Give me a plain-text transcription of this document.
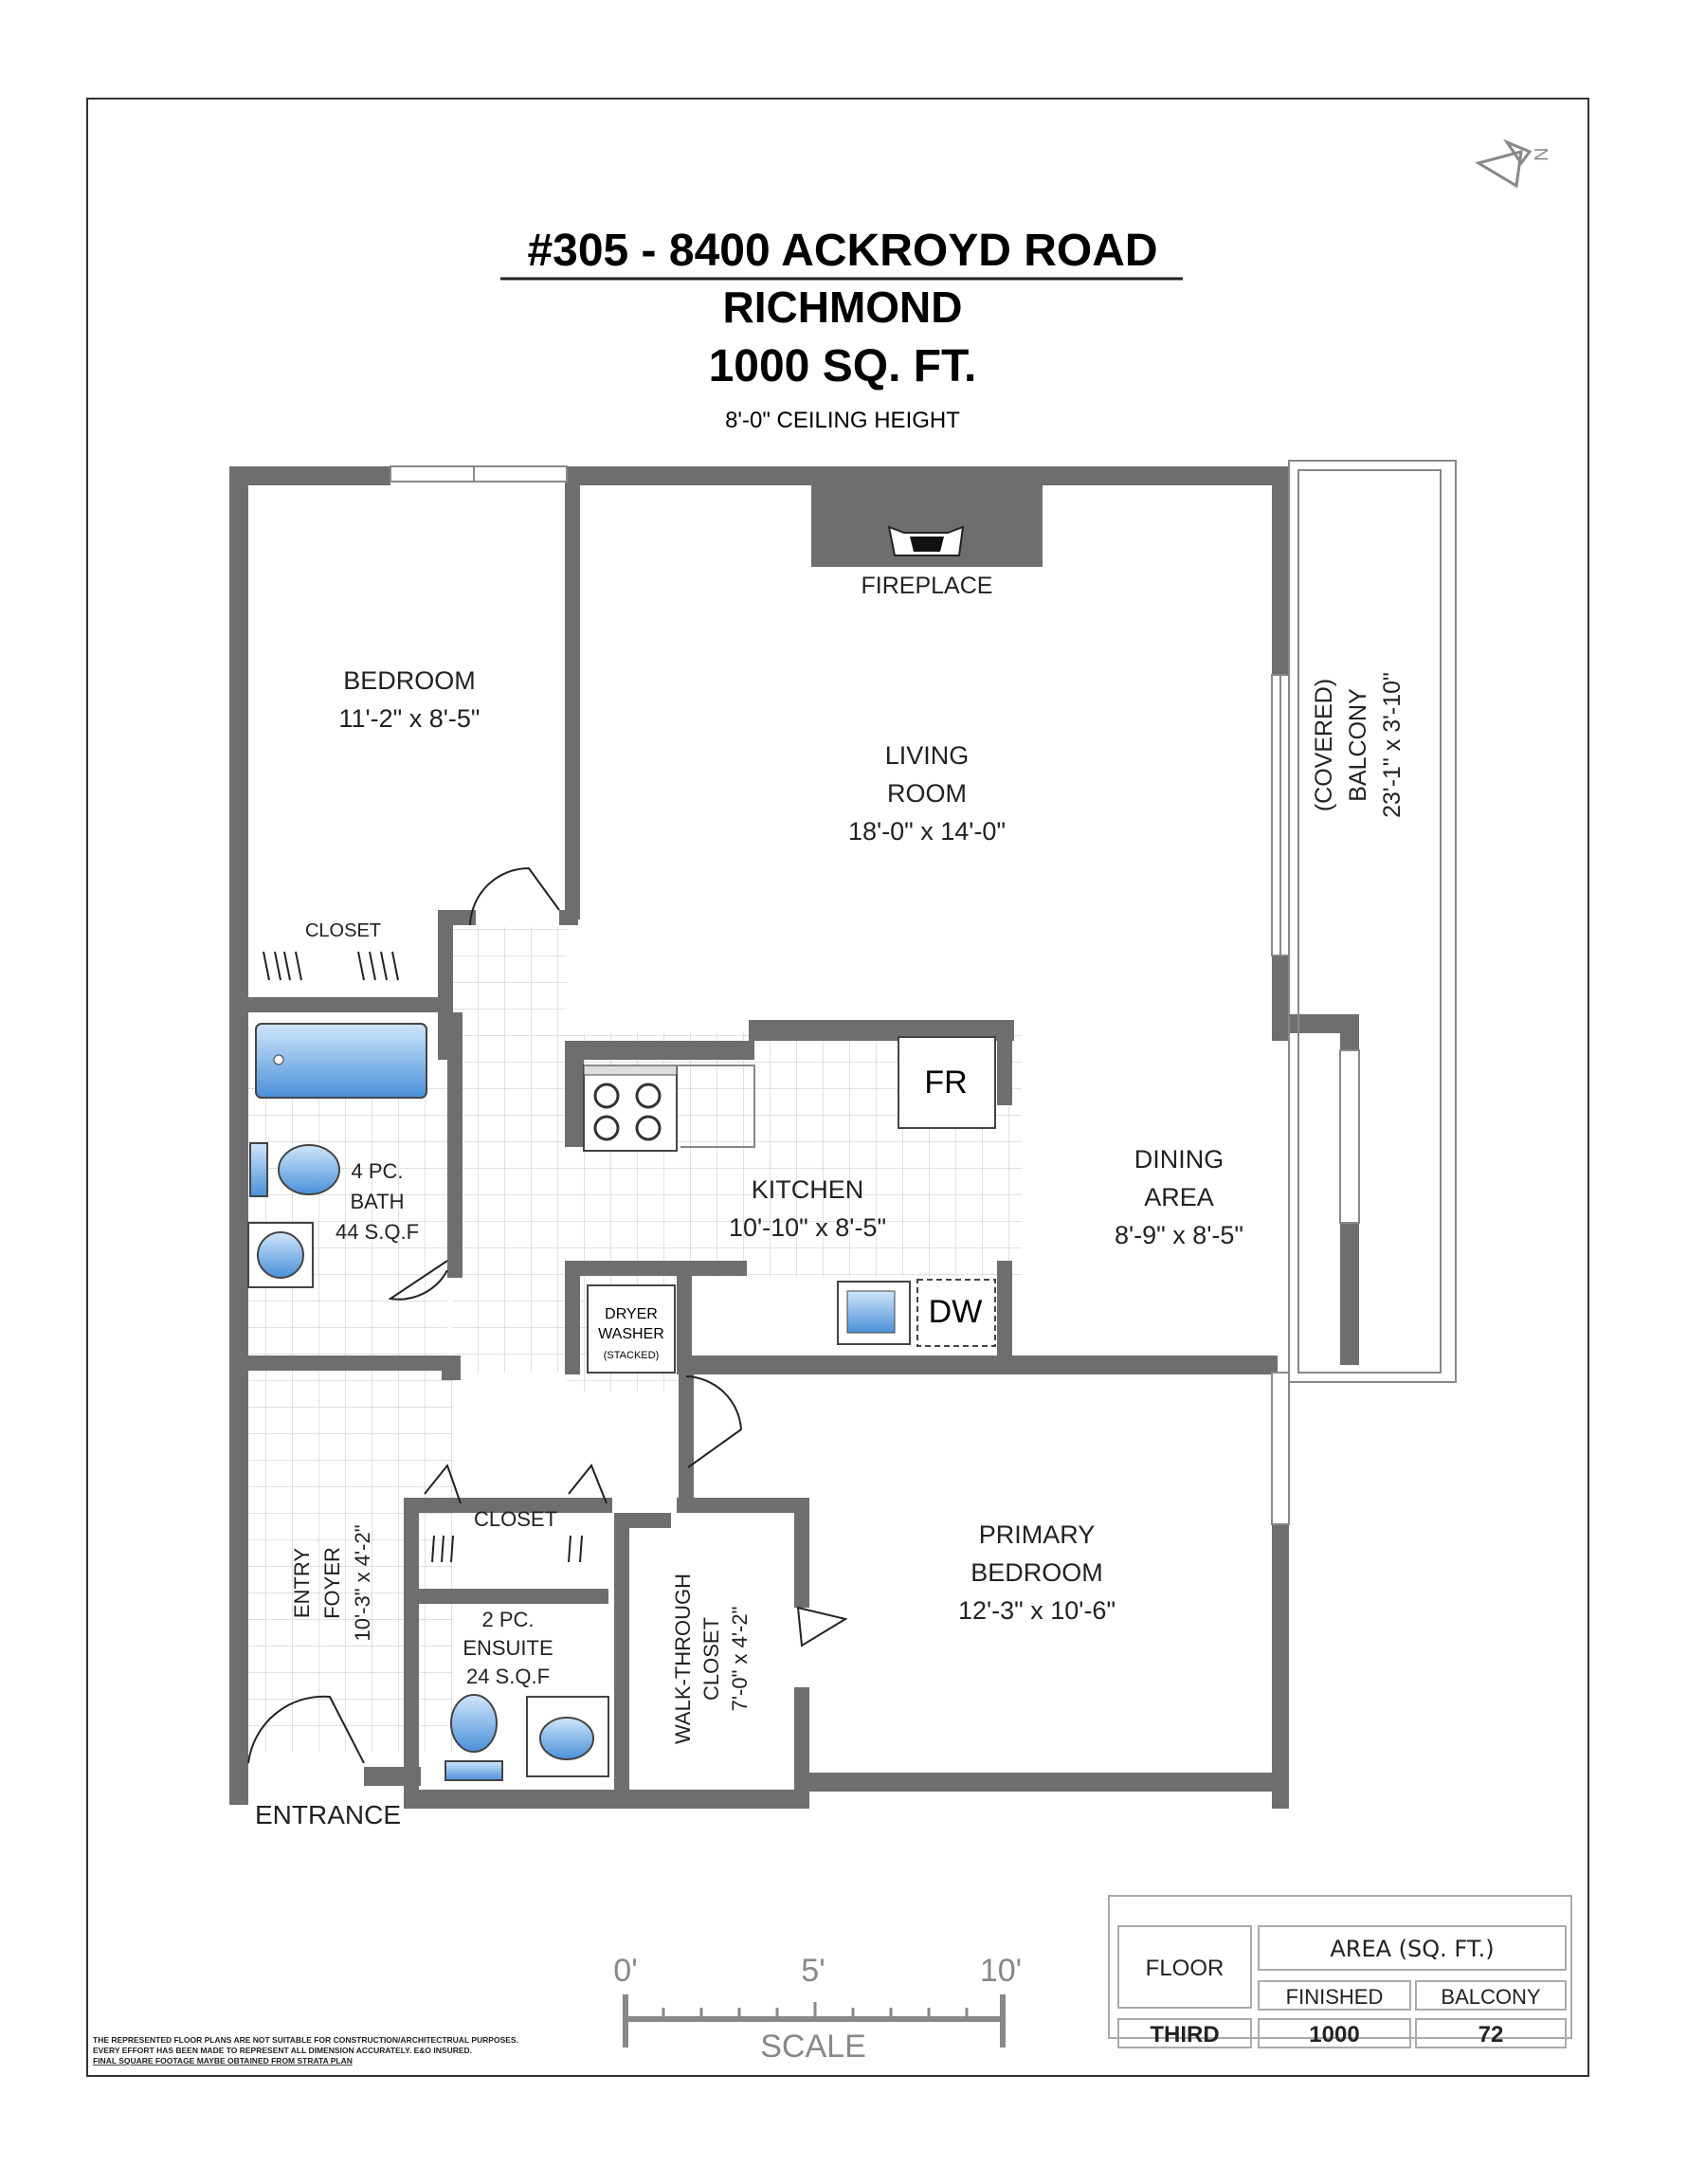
N
#305 - 8400 ACKROYD ROAD
RICHMOND
1000 SQ. FT.
8'-0" CEILING HEIGHT
FR
DW
DRYER
WASHER
(STACKED)
BEDROOM
11'-2" x 8'-5"
CLOSET
FIREPLACE
LIVING
ROOM
18'-0" x 14'-0"
(COVERED) BALCONY 23'-1" x 3'-10"
4 PC.
BATH
44 S.Q.F
KITCHEN
10'-10" x 8'-5"
DINING
AREA
8'-9" x 8'-5"
ENTRY FOYER 10'-3" x 4'-2"
CLOSET
2 PC.
ENSUITE
24 S.Q.F	WALK-THROUGH CLOSET 7'-0" x 4'-2"
PRIMARY
BEDROOM
12'-3" x 10'-6"
ENTRANCE
0'	5'	10'
SCALE
THE REPRESENTED FLOOR PLANS ARE NOT SUITABLE FOR CONSTRUCTION/ARCHITECTRUAL PURPOSES.
EVERY EFFORT HAS BEEN MADE TO REPRESENT ALL DIMENSION ACCURATELY. E&O INSURED.
FINAL SQUARE FOOTAGE MAYBE OBTAINED FROM STRATA PLAN
FLOOR
AREA (SQ. FT.)
FINISHED	BALCONY
THIRD	1000	72
